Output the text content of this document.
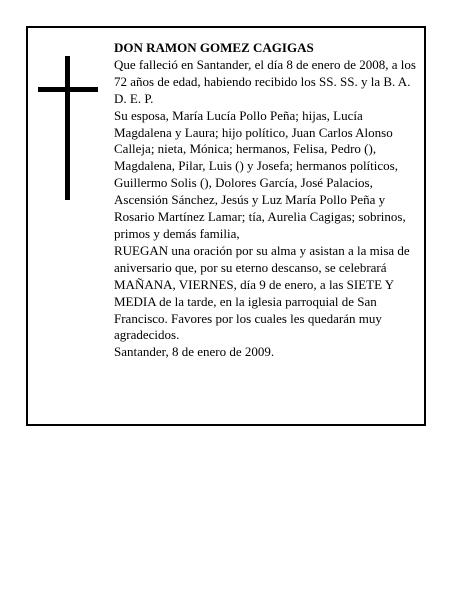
DON RAMON GOMEZ CAGIGAS

Que falleció en Santander, el día 8 de enero de 2008, a los 72 años de edad, habiendo recibido los SS. SS. y la B. A.

D. E. P.

Su esposa, María Lucía Pollo Peña; hijas, Lucía Magdalena y Laura; hijo político, Juan Carlos Alonso Calleja; nieta, Mónica; hermanos, Felisa, Pedro (), Magdalena, Pilar, Luis () y Josefa; hermanos políticos, Guillermo Solis (), Dolores García, José Palacios, Ascensión Sánchez, Jesús y Luz María Pollo Peña y Rosario Martínez Lamar; tía, Aurelia Cagigas; sobrinos, primos y demás familia,

RUEGAN una oración por su alma y asistan a la misa de aniversario que, por su eterno descanso, se celebrará MAÑANA, VIERNES, día 9 de enero, a las SIETE Y MEDIA de la tarde, en la iglesia parroquial de San Francisco. Favores por los cuales les quedarán muy agradecidos.

Santander, 8 de enero de 2009.
